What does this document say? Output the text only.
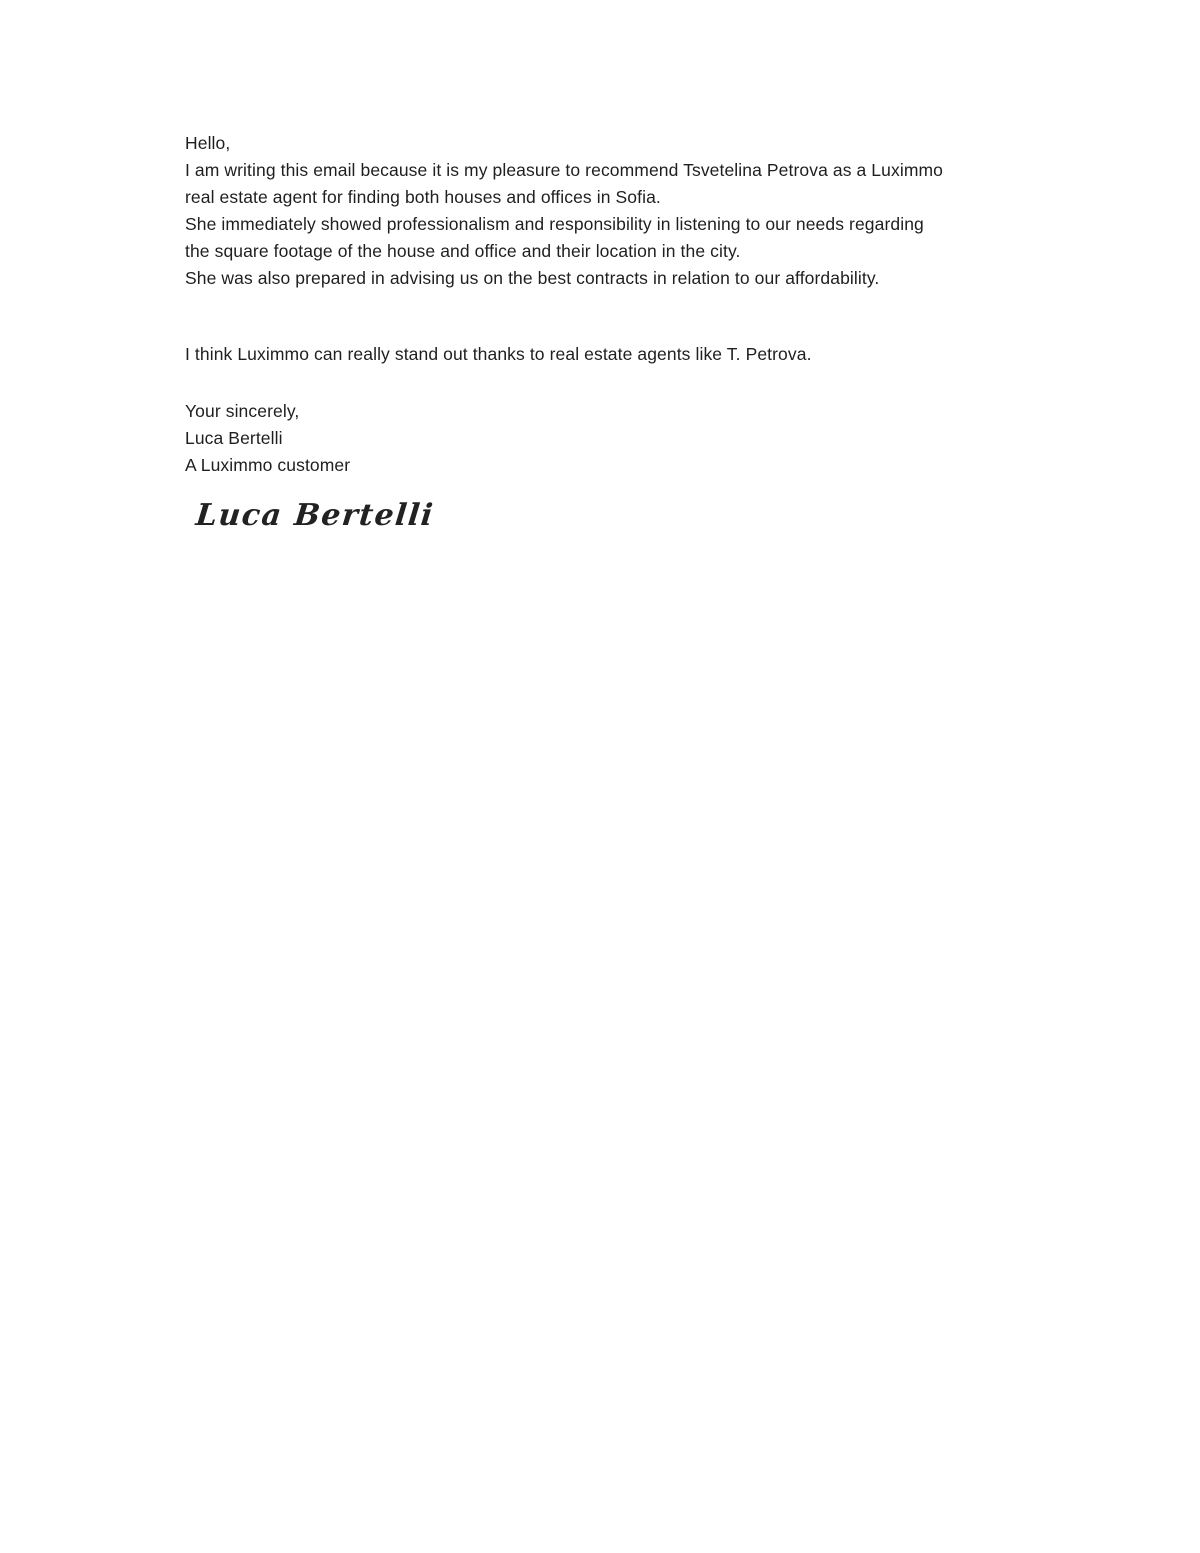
Hello,
I am writing this email because it is my pleasure to recommend Tsvetelina Petrova as a Luximmo
real estate agent for finding both houses and offices in Sofia.
She immediately showed professionalism and responsibility in listening to our needs regarding
the square footage of the house and office and their location in the city.
She was also prepared in advising us on the best contracts in relation to our affordability.
I think Luximmo can really stand out thanks to real estate agents like T. Petrova.
Your sincerely,
Luca Bertelli
A Luximmo customer
Luca Bertelli
